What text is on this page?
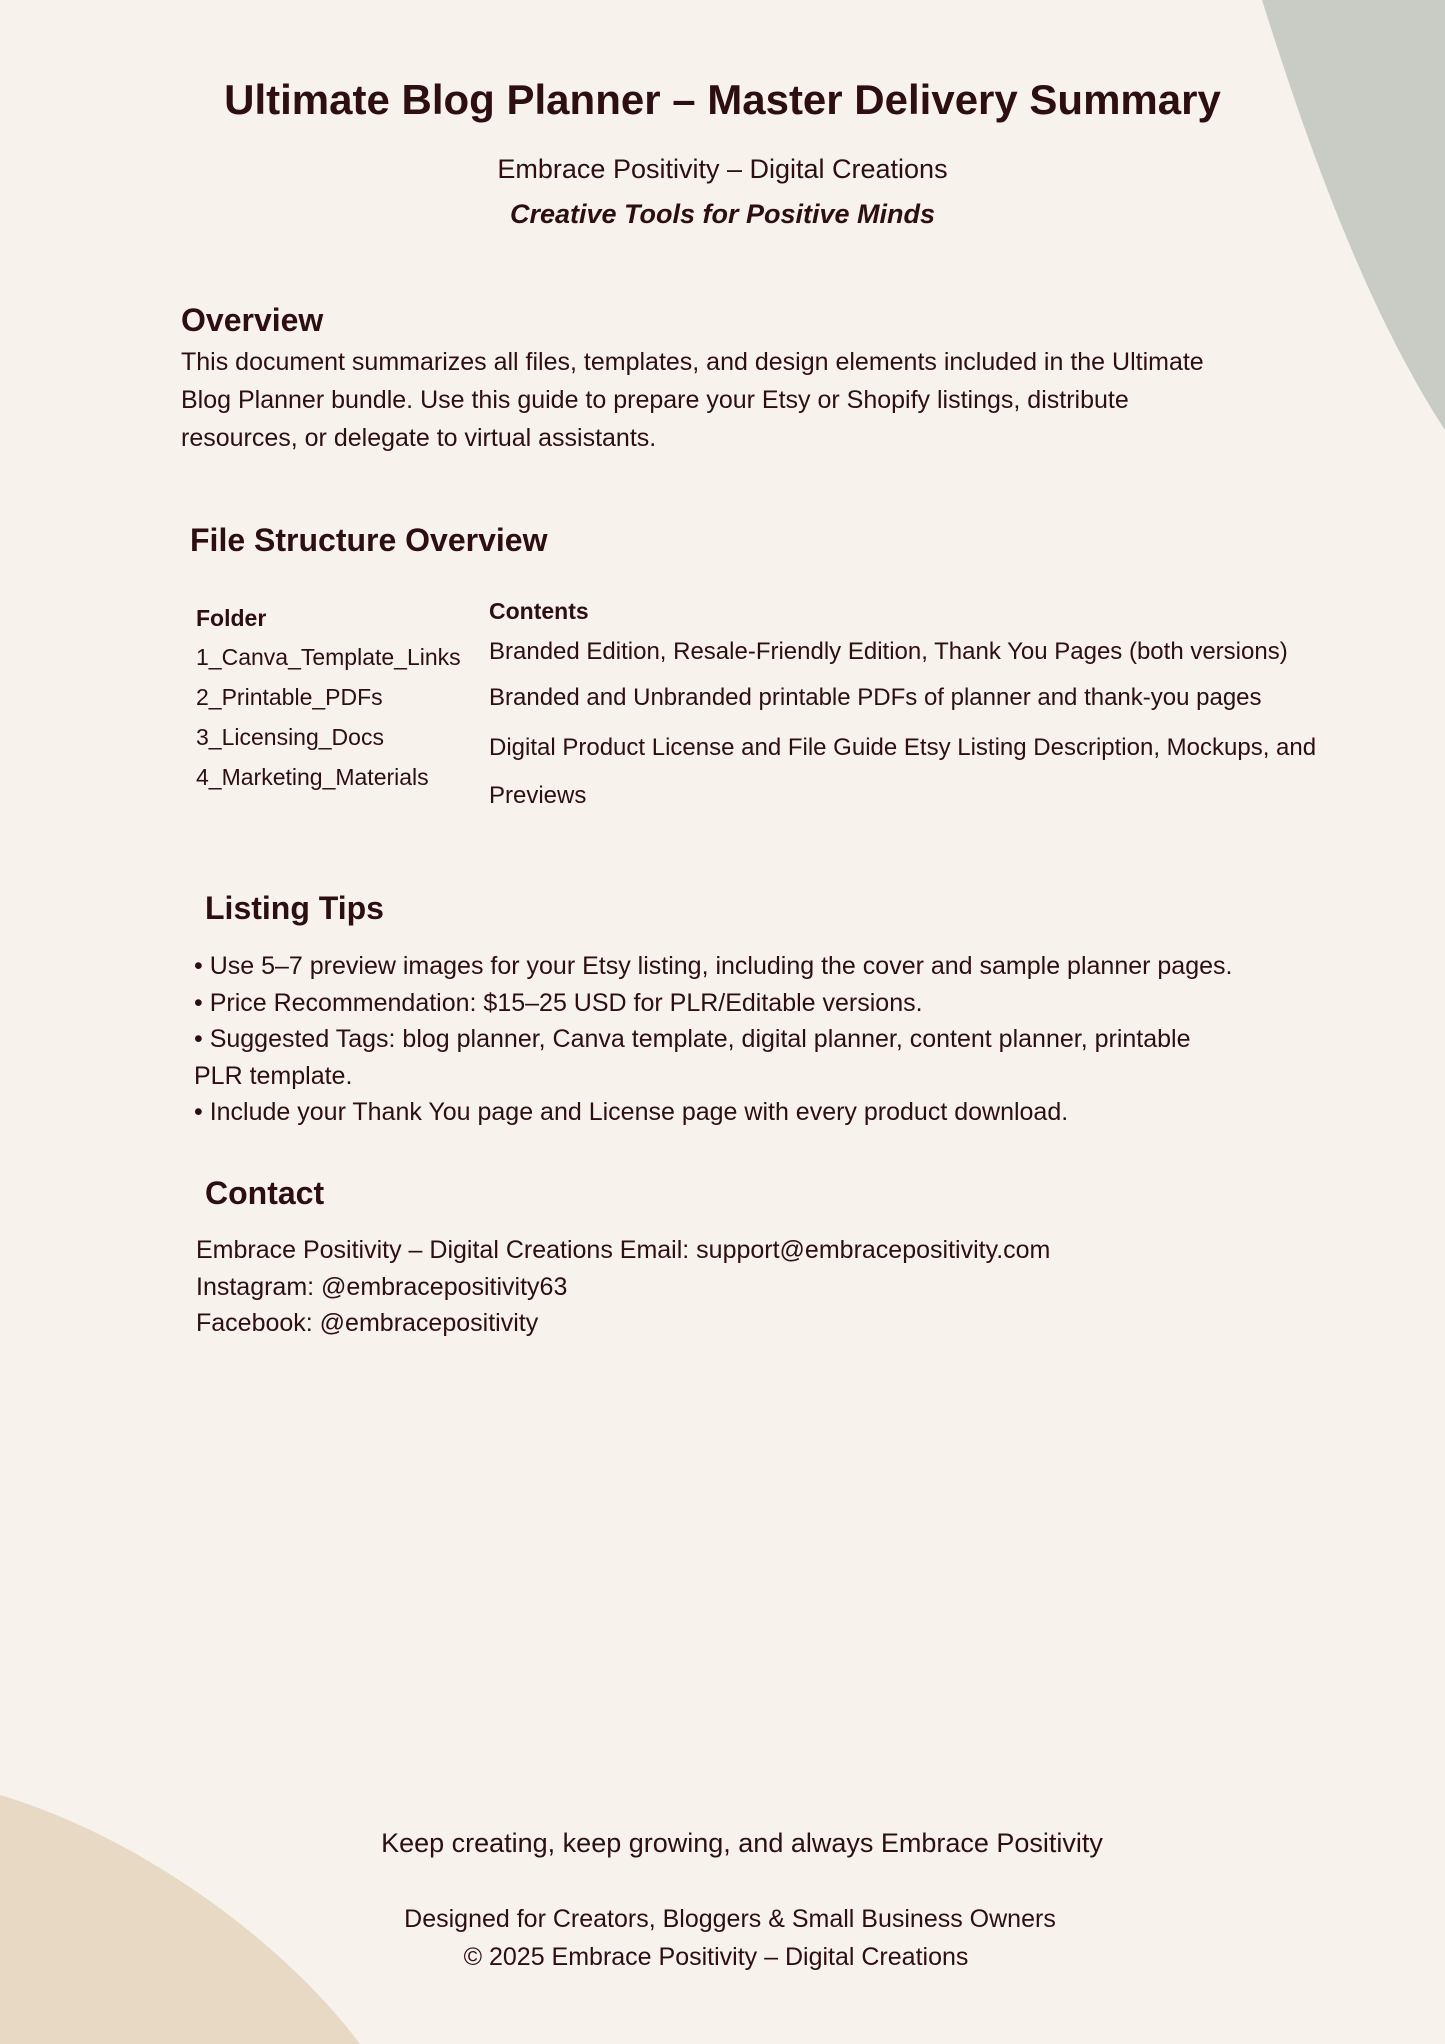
Ultimate Blog Planner – Master Delivery Summary
Embrace Positivity – Digital Creations
Creative Tools for Positive Minds
Overview
This document summarizes all files, templates, and design elements included in the Ultimate
Blog Planner bundle. Use this guide to prepare your Etsy or Shopify listings, distribute
resources, or delegate to virtual assistants.
File Structure Overview
Folder	Contents
1_Canva_Template_Links
2_Printable_PDFs
3_Licensing_Docs
4_Marketing_Materials
Branded Edition, Resale-Friendly Edition, Thank You Pages (both versions)
Branded and Unbranded printable PDFs of planner and thank-you pages
Digital Product License and File Guide Etsy Listing Description, Mockups, and
Previews
Listing Tips
• Use 5–7 preview images for your Etsy listing, including the cover and sample planner pages.
• Price Recommendation: $15–25 USD for PLR/Editable versions.
• Suggested Tags: blog planner, Canva template, digital planner, content planner, printable
PLR template.
• Include your Thank You page and License page with every product download.
Contact
Embrace Positivity – Digital Creations Email: support@embracepositivity.com
Instagram: @embracepositivity63
Facebook: @embracepositivity
Keep creating, keep growing, and always Embrace Positivity
Designed for Creators, Bloggers & Small Business Owners
© 2025 Embrace Positivity – Digital Creations
